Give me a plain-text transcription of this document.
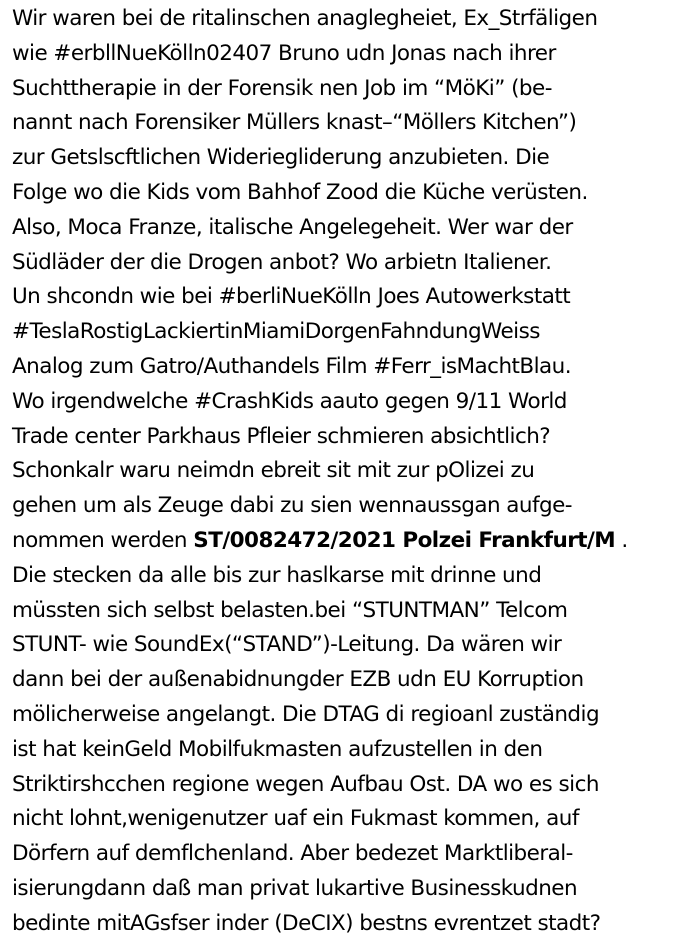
Wir waren bei de ritalinschen anaglegheiet, Ex_Strfäligen
wie #erbllNueKölln02407 Bruno udn Jonas nach ihrer
Suchttherapie in der Forensik nen Job im “MöKi” (be-
nannt nach Forensiker Müllers knast–“Möllers Kitchen”)
zur Getslscftlichen Wideriegliderung anzubieten. Die
Folge wo die Kids vom Bahhof Zood die Küche verüsten.
Also, Moca Franze, italische Angelegeheit. Wer war der
Südläder der die Drogen anbot? Wo arbietn Italiener.
Un shcondn wie bei #berliNueKölln Joes Autowerkstatt
#TeslaRostigLackiertinMiamiDorgenFahndungWeiss
Analog zum Gatro/Authandels Film #Ferr_isMachtBlau.
Wo irgendwelche #CrashKids aauto gegen 9/11 World
Trade center Parkhaus Pfleier schmieren absichtlich?
Schonkalr waru neimdn ebreit sit mit zur pOlizei zu
gehen um als Zeuge dabi zu sien wennaussgan aufge-
nommen werden ST/0082472/2021 Polzei Frankfurt/M .
Die stecken da alle bis zur haslkarse mit drinne und
müssten sich selbst belasten.bei “STUNTMAN” Telcom
STUNT- wie SoundEx(“STAND”)-Leitung. Da wären wir
dann bei der außenabidnungder EZB udn EU Korruption
mölicherweise angelangt. Die DTAG di regioanl zuständig
ist hat keinGeld Mobilfukmasten aufzustellen in den
Striktirshcchen regione wegen Aufbau Ost. DA wo es sich
nicht lohnt,wenigenutzer uaf ein Fukmast kommen, auf
Dörfern auf demflchenland. Aber bedezet Marktliberal-
isierungdann daß man privat lukartive Businesskudnen
bedinte mitAGsfser inder (DeCIX) bestns evrentzet stadt?
